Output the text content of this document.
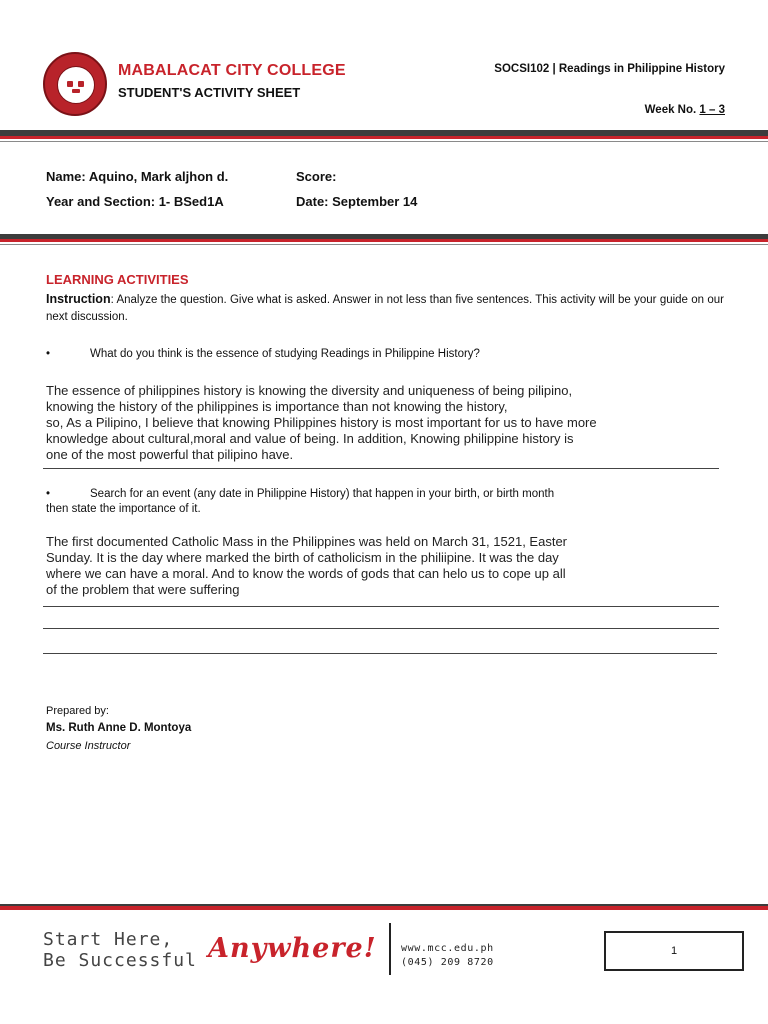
MABALACAT CITY COLLEGE
STUDENT'S ACTIVITY SHEET
SOCSI102 | Readings in Philippine History
Week No. 1 – 3
Name: Aquino, Mark aljhon d.	Score:
Year and Section: 1- BSed1A	Date: September 14
LEARNING ACTIVITIES
Instruction: Analyze the question. Give what is asked. Answer in not less than five sentences. This activity will be your guide on our next discussion.
•	What do you think is the essence of studying Readings in Philippine History?
The essence of philippines history is knowing the diversity and uniqueness of being pilipino,
knowing the history of the philippines is importance than not knowing the history,
so, As a Pilipino, I believe that knowing Philippines history is most important for us to have more
knowledge about cultural,moral and value of being. In addition, Knowing philippine history is
one of the most powerful that pilipino have.
•	Search for an event (any date in Philippine History) that happen in your birth, or birth month
then state the importance of it.
The first documented Catholic Mass in the Philippines was held on March 31, 1521, Easter
Sunday. It is the day where marked the birth of catholicism in the philiipine. It was the day
where we can have a moral. And to know the words of gods that can helo us to cope up all
of the problem that were suffering
Prepared by:
Ms. Ruth Anne D. Montoya
Course Instructor
Start Here,
Be Successful Anywhere! www.mcc.edu.ph
(045) 209 8720
1
